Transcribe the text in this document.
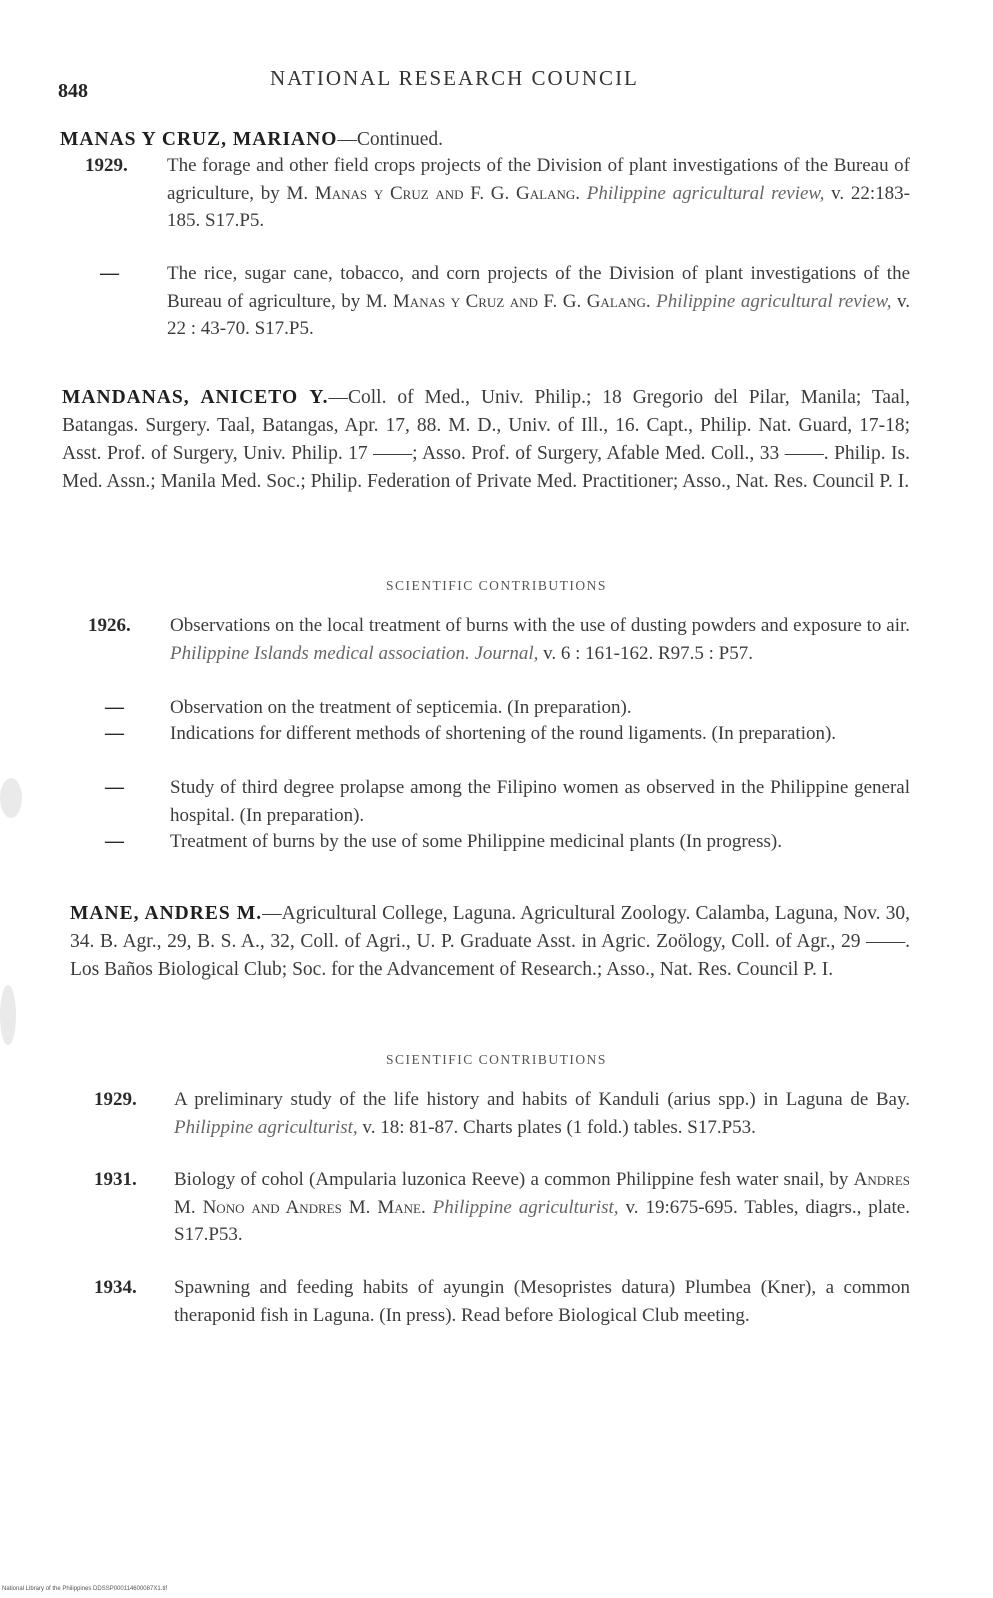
848
NATIONAL RESEARCH COUNCIL
MANAS Y CRUZ, MARIANO—Continued.
1929. The forage and other field crops projects of the Division of plant investigations of the Bureau of agriculture, by M. Manas y Cruz and F. G. Galang. Philippine agricultural review, v. 22:183-185. S17.P5.
—	The rice, sugar cane, tobacco, and corn projects of the Division of plant investigations of the Bureau of agriculture, by M. Manas y Cruz and F. G. Galang. Philippine agricultural review, v. 22 : 43-70. S17.P5.
MANDANAS, ANICETO Y.—Coll. of Med., Univ. Philip.; 18 Gregorio del Pilar, Manila; Taal, Batangas. Surgery. Taal, Batangas, Apr. 17, 88. M. D., Univ. of Ill., 16. Capt., Philip. Nat. Guard, 17-18; Asst. Prof. of Surgery, Univ. Philip. 17 ——; Asso. Prof. of Surgery, Afable Med. Coll., 33 ——. Philip. Is. Med. Assn.; Manila Med. Soc.; Philip. Federation of Private Med. Practitioner; Asso., Nat. Res. Council P. I.
SCIENTIFIC CONTRIBUTIONS
1926. Observations on the local treatment of burns with the use of dusting powders and exposure to air. Philippine Islands medical association. Journal, v. 6 : 161-162. R97.5 : P57.
— Observation on the treatment of septicemia. (In preparation).
— Indications for different methods of shortening of the round ligaments. (In preparation).
— Study of third degree prolapse among the Filipino women as observed in the Philippine general hospital. (In preparation).
— Treatment of burns by the use of some Philippine medicinal plants (In progress).
MANE, ANDRES M.—Agricultural College, Laguna. Agricultural Zoology. Calamba, Laguna, Nov. 30, 34. B. Agr., 29, B. S. A., 32, Coll. of Agri., U. P. Graduate Asst. in Agric. Zoölogy, Coll. of Agr., 29 ——. Los Baños Biological Club; Soc. for the Advancement of Research.; Asso., Nat. Res. Council P. I.
SCIENTIFIC CONTRIBUTIONS
1929. A preliminary study of the life history and habits of Kanduli (arius spp.) in Laguna de Bay. Philippine agriculturist, v. 18: 81-87. Charts plates (1 fold.) tables. S17.P53.
1931. Biology of cohol (Ampularia luzonica Reeve) a common Philippine fesh water snail, by Andres M. Nono and Andres M. Mane. Philippine agriculturist, v. 19:675-695. Tables, diagrs., plate. S17.P53.
1934. Spawning and feeding habits of ayungin (Mesopristes datura) Plumbea (Kner), a common theraponid fish in Laguna. (In press). Read before Biological Club meeting.
National Library of the Philippines DDSSP000114600087X1.tif
